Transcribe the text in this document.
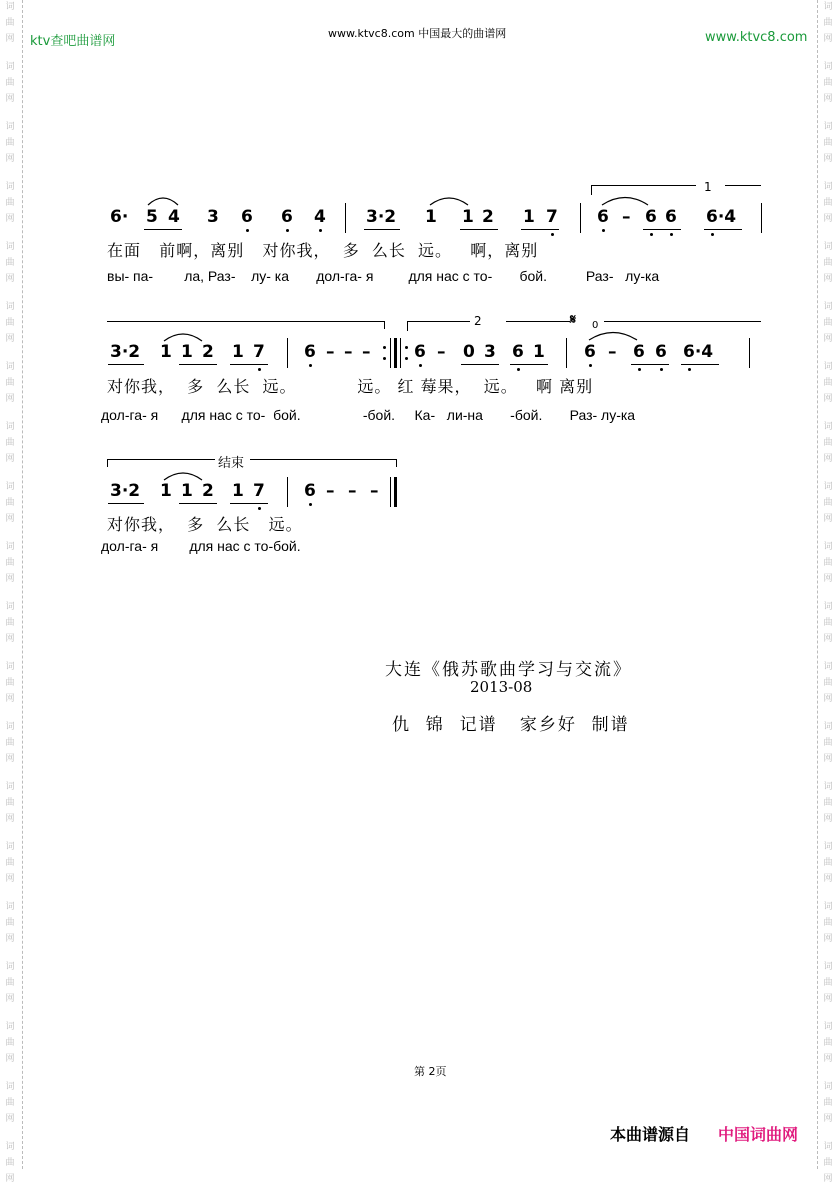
词
曲
网
词
曲
网
词
曲
网
词
曲
网
词
曲
网
词
曲
网
词
曲
网
词
曲
网
词
曲
网
词
曲
网
词
曲
网
词
曲
网
词
曲
网
词
曲
网
词
曲
网
词
曲
网
词
曲
网
词
曲
网
词
曲
网
词
曲
网
词
曲
网
词
曲
网
词
曲
网
词
曲
网
词
曲
网
词
曲
网
词
曲
网
词
曲
网
词
曲
网
词
曲
网
词
曲
网
词
曲
网
词
曲
网
词
曲
网
词
曲
网
词
曲
网
词
曲
网
词
曲
网
词
曲
网
词
曲
网
ktv查吧曲谱网
www.ktvc8.com 中国最大的曲谱网	www.ktvc8.com
1
6· 5 4 3 6 6 4 3·2 1 1 2 1 7 6 – 6 6 6·4
在面   前啊，离别   对你我，  多  么长  远。   啊，离别
вы- па-        ла, Раз-    лу- ка       дол-га- я         для нас с то-       бой.          Раз-   лу-ка
2	𝄋 0
3·2 1 1 2 1 7 6 – – –	6 – 0 3 6 1 6 – 6 6 6·4
对你我，  多  么长  远。          远。 红 莓果，  远。   啊 离别
дол-га- я      для нас с то-  бой.                -бой.     Ка-   ли-на       -бой.       Раз- лу-ка
结束
3·2 1 1 2 1 7 6 – – –
对你我，  多  么长   远。
дол-га- я        для нас с то-бой.
大连《俄苏歌曲学习与交流》
2013-08
仇  锦  记谱   家乡好  制谱
第 2页
本曲谱源自 中国词曲网
